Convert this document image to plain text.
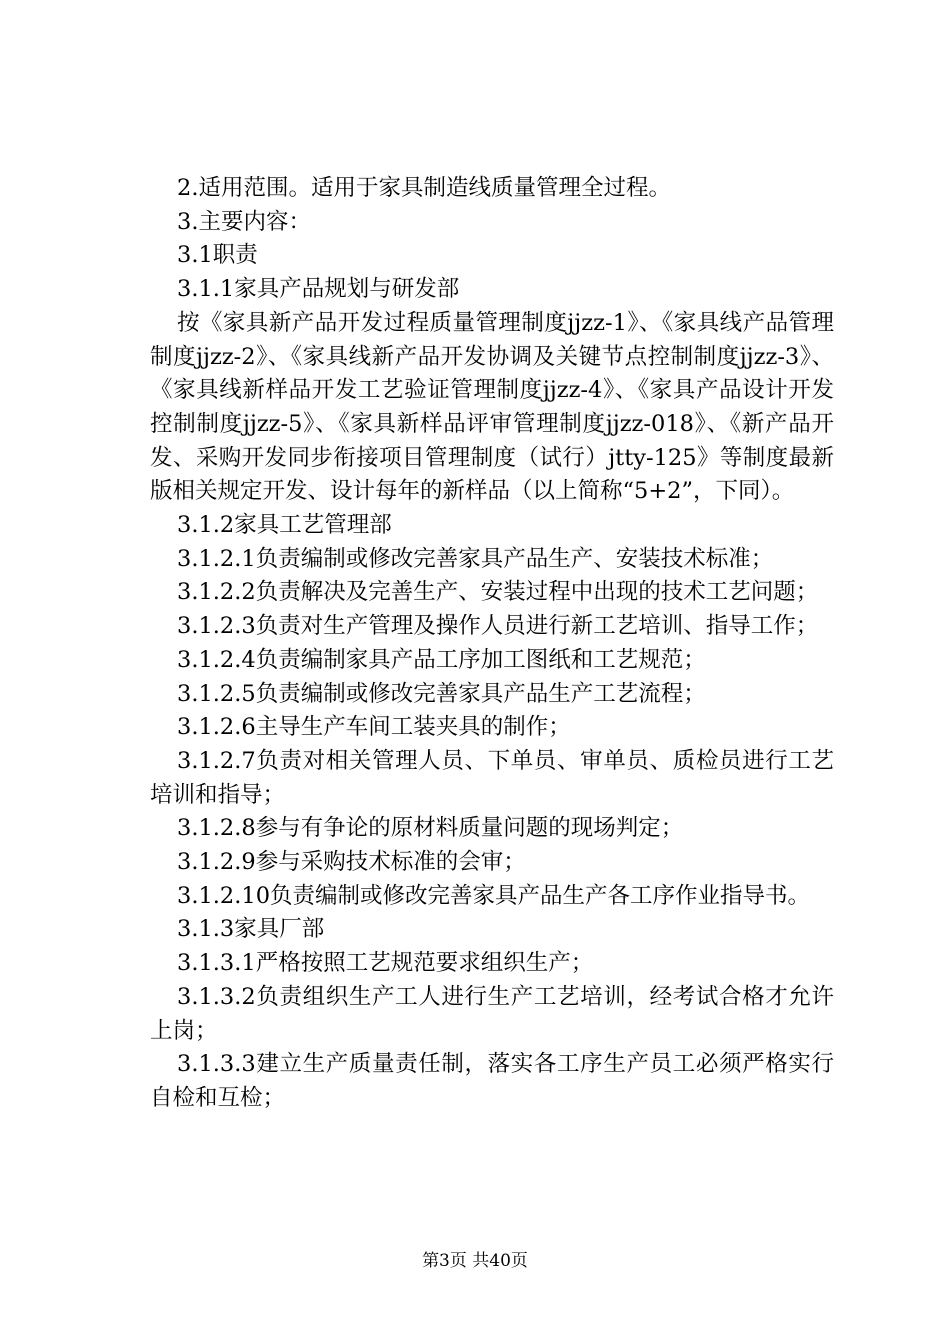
2.适用范围。适用于家具制造线质量管理全过程。

3.主要内容：

3.1职责

3.1.1家具产品规划与研发部

按《家具新产品开发过程质量管理制度jjzz-1》、《家具线产品管理制度jjzz-2》、《家具线新产品开发协调及关键节点控制制度jjzz-3》、《家具线新样品开发工艺验证管理制度jjzz-4》、《家具产品设计开发控制制度jjzz-5》、《家具新样品评审管理制度jjzz-018》、《新产品开发、采购开发同步衔接项目管理制度（试行）jtty-125》等制度最新版相关规定开发、设计每年的新样品（以上简称“5+2”，下同）。

3.1.2家具工艺管理部

3.1.2.1负责编制或修改完善家具产品生产、安装技术标准；

3.1.2.2负责解决及完善生产、安装过程中出现的技术工艺问题；

3.1.2.3负责对生产管理及操作人员进行新工艺培训、指导工作；

3.1.2.4负责编制家具产品工序加工图纸和工艺规范；

3.1.2.5负责编制或修改完善家具产品生产工艺流程；

3.1.2.6主导生产车间工装夹具的制作；

3.1.2.7负责对相关管理人员、下单员、审单员、质检员进行工艺培训和指导；

3.1.2.8参与有争论的原材料质量问题的现场判定；

3.1.2.9参与采购技术标准的会审；

3.1.2.10负责编制或修改完善家具产品生产各工序作业指导书。

3.1.3家具厂部

3.1.3.1严格按照工艺规范要求组织生产；

3.1.3.2负责组织生产工人进行生产工艺培训，经考试合格才允许上岗；

3.1.3.3建立生产质量责任制，落实各工序生产员工必须严格实行自检和互检；

第3页 共40页
